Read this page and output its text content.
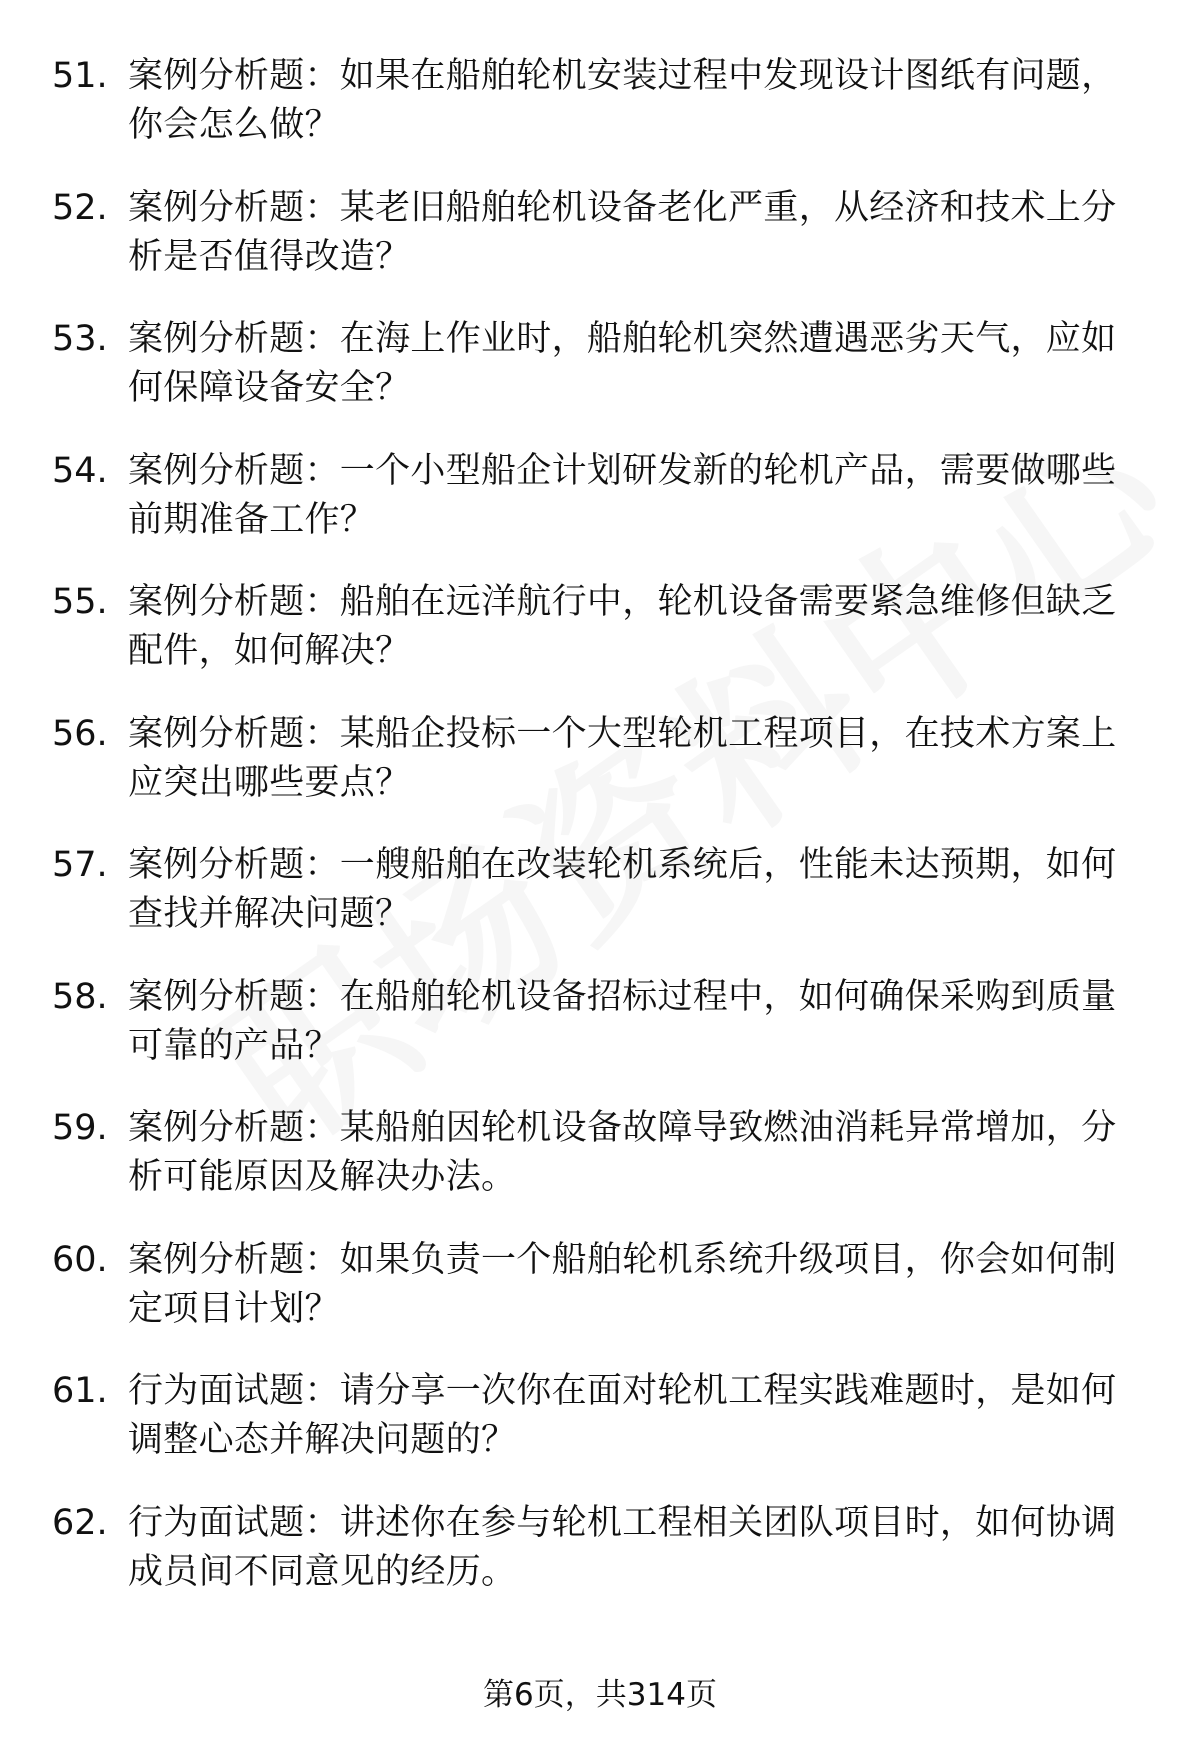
51. 案例分析题：如果在船舶轮机安装过程中发现设计图纸有问题，你会怎么做？
52. 案例分析题：某老旧船舶轮机设备老化严重，从经济和技术上分析是否值得改造？
53. 案例分析题：在海上作业时，船舶轮机突然遭遇恶劣天气，应如何保障设备安全？
54. 案例分析题：一个小型船企计划研发新的轮机产品，需要做哪些前期准备工作？
55. 案例分析题：船舶在远洋航行中，轮机设备需要紧急维修但缺乏配件，如何解决？
56. 案例分析题：某船企投标一个大型轮机工程项目，在技术方案上应突出哪些要点？
57. 案例分析题：一艘船舶在改装轮机系统后，性能未达预期，如何查找并解决问题？
58. 案例分析题：在船舶轮机设备招标过程中，如何确保采购到质量可靠的产品？
59. 案例分析题：某船舶因轮机设备故障导致燃油消耗异常增加，分析可能原因及解决办法。
60. 案例分析题：如果负责一个船舶轮机系统升级项目，你会如何制定项目计划？
61. 行为面试题：请分享一次你在面对轮机工程实践难题时，是如何调整心态并解决问题的？
62. 行为面试题：讲述你在参与轮机工程相关团队项目时，如何协调成员间不同意见的经历。
第6页，共314页
